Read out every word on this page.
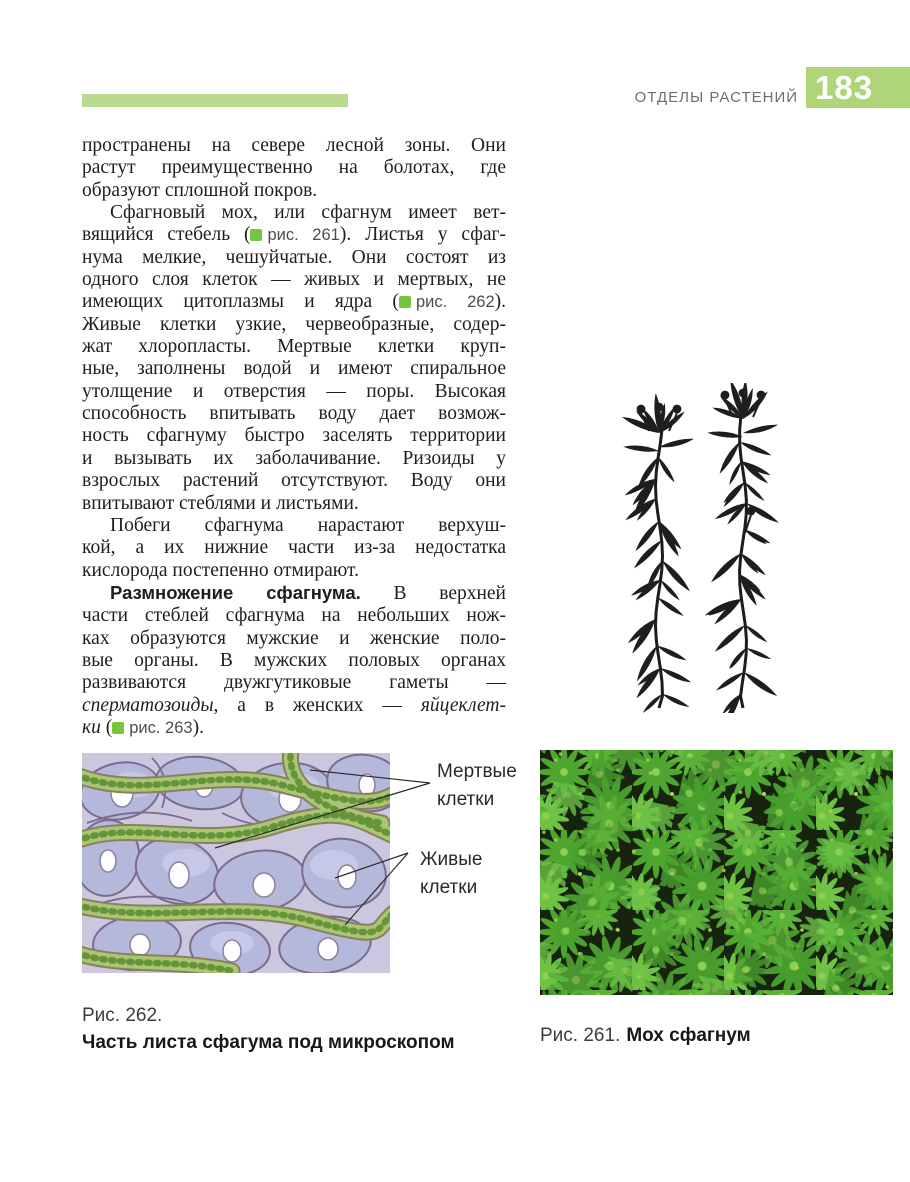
ОТДЕЛЫ РАСТЕНИЙ 183
пространены на севере лесной зоны. Они
растут преимущественно на болотах, где
образуют сплошной покров.
Сфагновый мох, или сфагнум имеет вет-
вящийся стебель ( рис. 261). Листья у сфаг-
нума мелкие, чешуйчатые. Они состоят из
одного слоя клеток — живых и мертвых, не
имеющих цитоплазмы и ядра ( рис. 262).
Живые клетки узкие, червеобразные, содер-
жат хлоропласты. Мертвые клетки круп-
ные, заполнены водой и имеют спиральное
утолщение и отверстия — поры. Высокая
способность впитывать воду дает возмож-
ность сфагнуму быстро заселять территории
и вызывать их заболачивание. Ризоиды у
взрослых растений отсутствуют. Воду они
впитывают стеблями и листьями.
Побеги сфагнума нарастают верхуш-
кой, а их нижние части из-за недостатка
кислорода постепенно отмирают.
Размножение сфагнума. В верхней
части стеблей сфагнума на небольших нож-
ках образуются мужские и женские поло-
вые органы. В мужских половых органах
развиваются двужгутиковые гаметы —
сперматозоиды, а в женских — яйцеклет-
ки ( рис. 263).
Мертвые клетки
Живые клетки
Рис. 262.
Часть листа сфагума под микроскопом	Рис. 261. Мох сфагнум
